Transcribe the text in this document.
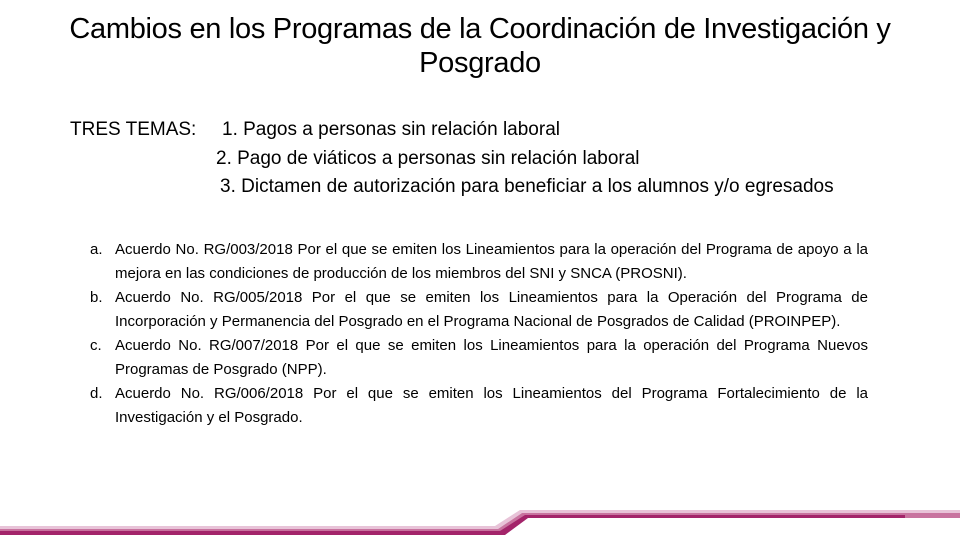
Cambios en los Programas de la Coordinación de Investigación y Posgrado
TRES TEMAS: 1. Pagos a personas sin relación laboral
2. Pago de viáticos a personas sin relación laboral
3. Dictamen de autorización para beneficiar a los alumnos y/o egresados
a. Acuerdo No. RG/003/2018 Por el que se emiten los Lineamientos para la operación del Programa de apoyo a la mejora en las condiciones de producción de los miembros del SNI y SNCA (PROSNI).
b. Acuerdo No. RG/005/2018 Por el que se emiten los Lineamientos para la Operación del Programa de Incorporación y Permanencia del Posgrado en el Programa Nacional de Posgrados de Calidad (PROINPEP).
c. Acuerdo No. RG/007/2018 Por el que se emiten los Lineamientos para la operación del Programa Nuevos Programas de Posgrado (NPP).
d. Acuerdo No. RG/006/2018 Por el que se emiten los Lineamientos del Programa Fortalecimiento de la Investigación y el Posgrado.
